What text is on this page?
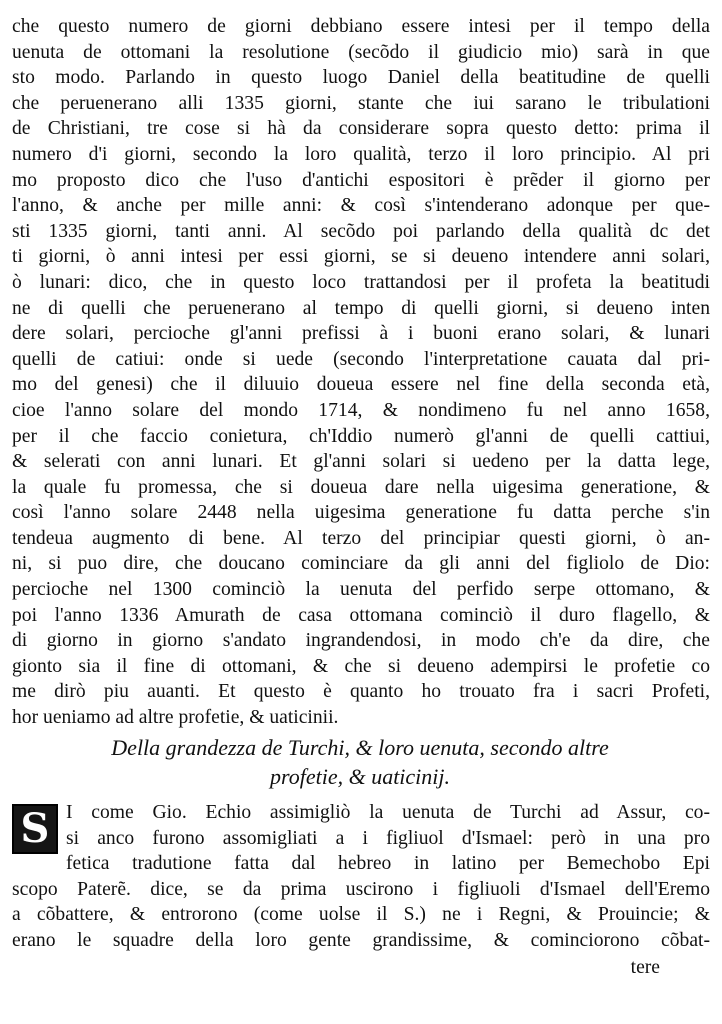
che questo numero de giorni debbiano essere intesi per il tempo della
uenuta de ottomani la resolutione (secõdo il giudicio mio) sarà in que
sto modo. Parlando in questo luogo Daniel della beatitudine de quelli
che peruenerano alli 1335 giorni, stante che iui sarano le tribulationi
de Christiani, tre cose si hà da considerare sopra questo detto: prima il
numero d'i giorni, secondo la loro qualità, terzo il loro principio. Al pri
mo proposto dico che l'uso d'antichi espositori è prẽder il giorno per
l'anno, & anche per mille anni: & così s'intenderano adonque per que-
sti 1335 giorni, tanti anni. Al secõdo poi parlando della qualità dc det
ti giorni, ò anni intesi per essi giorni, se si deueno intendere anni solari,
ò lunari: dico, che in questo loco trattandosi per il profeta la beatitudi
ne di quelli che peruenerano al tempo di quelli giorni, si deueno inten
dere solari, percioche gl'anni prefissi à i buoni erano solari, & lunari
quelli de catiui: onde si uede (secondo l'interpretatione cauata dal pri-
mo del genesi) che il diluuio doueua essere nel fine della seconda età,
cioe l'anno solare del mondo 1714, & nondimeno fu nel anno 1658,
per il che faccio conietura, ch'Iddio numerò gl'anni de quelli cattiui,
& selerati con anni lunari. Et gl'anni solari si uedeno per la datta lege,
la quale fu promessa, che si doueua dare nella uigesima generatione, &
così l'anno solare 2448 nella uigesima generatione fu datta perche s'in
tendeua augmento di bene. Al terzo del principiar questi giorni, ò an-
ni, si puo dire, che doucano cominciare da gli anni del figliolo de Dio:
percioche nel 1300 cominciò la uenuta del perfido serpe ottomano, &
poi l'anno 1336 Amurath de casa ottomana cominciò il duro flagello, &
di giorno in giorno s'andato ingrandendosi, in modo ch'e da dire, che
gionto sia il fine di ottomani, & che si deueno adempirsi le profetie co
me dirò piu auanti. Et questo è quanto ho trouato fra i sacri Profeti,
hor ueniamo ad altre profetie, & uaticinii.
Della grandezza de Turchi, & loro uenuta, secondo altre
profetie, & uaticinij.
S I come Gio. Echio assimigliò la uenuta de Turchi ad Assur, co-
si anco furono assomigliati a i figliuol d'Ismael: però in una pro
fetica tradutione fatta dal hebreo in latino per Bemechobo Epi
scopo Paterẽ. dice, se da prima uscirono i figliuoli d'Ismael dell'Eremo
a cõbattere, & entrorono (come uolse il S.) ne i Regni, & Prouincie; &
erano le squadre della loro gente grandissime, & cominciorono cõbat-
tere
